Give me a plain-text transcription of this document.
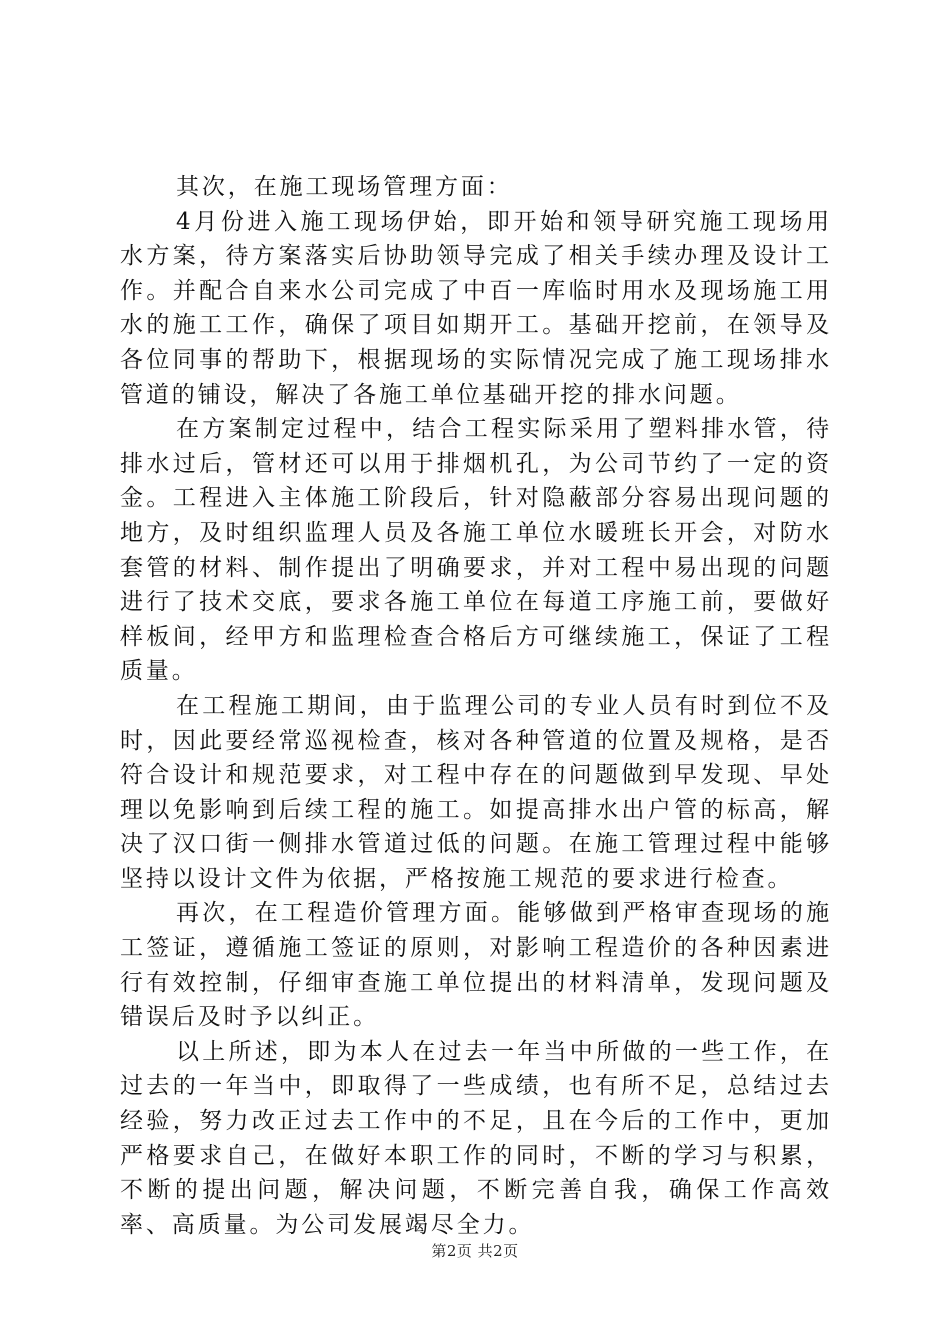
其次，在施工现场管理方面：

4月份进入施工现场伊始，即开始和领导研究施工现场用水方案，待方案落实后协助领导完成了相关手续办理及设计工作。并配合自来水公司完成了中百一库临时用水及现场施工用水的施工工作，确保了项目如期开工。基础开挖前，在领导及各位同事的帮助下，根据现场的实际情况完成了施工现场排水管道的铺设，解决了各施工单位基础开挖的排水问题。

在方案制定过程中，结合工程实际采用了塑料排水管，待排水过后，管材还可以用于排烟机孔，为公司节约了一定的资金。工程进入主体施工阶段后，针对隐蔽部分容易出现问题的地方，及时组织监理人员及各施工单位水暖班长开会，对防水套管的材料、制作提出了明确要求，并对工程中易出现的问题进行了技术交底，要求各施工单位在每道工序施工前，要做好样板间，经甲方和监理检查合格后方可继续施工，保证了工程质量。

在工程施工期间，由于监理公司的专业人员有时到位不及时，因此要经常巡视检查，核对各种管道的位置及规格，是否符合设计和规范要求，对工程中存在的问题做到早发现、早处理以免影响到后续工程的施工。如提高排水出户管的标高，解决了汉口街一侧排水管道过低的问题。在施工管理过程中能够坚持以设计文件为依据，严格按施工规范的要求进行检查。

再次，在工程造价管理方面。能够做到严格审查现场的施工签证，遵循施工签证的原则，对影响工程造价的各种因素进行有效控制，仔细审查施工单位提出的材料清单，发现问题及错误后及时予以纠正。

以上所述，即为本人在过去一年当中所做的一些工作，在过去的一年当中，即取得了一些成绩，也有所不足，总结过去经验，努力改正过去工作中的不足，且在今后的工作中，更加严格要求自己，在做好本职工作的同时，不断的学习与积累，不断的提出问题，解决问题，不断完善自我，确保工作高效率、高质量。为公司发展竭尽全力。

第2页 共2页
